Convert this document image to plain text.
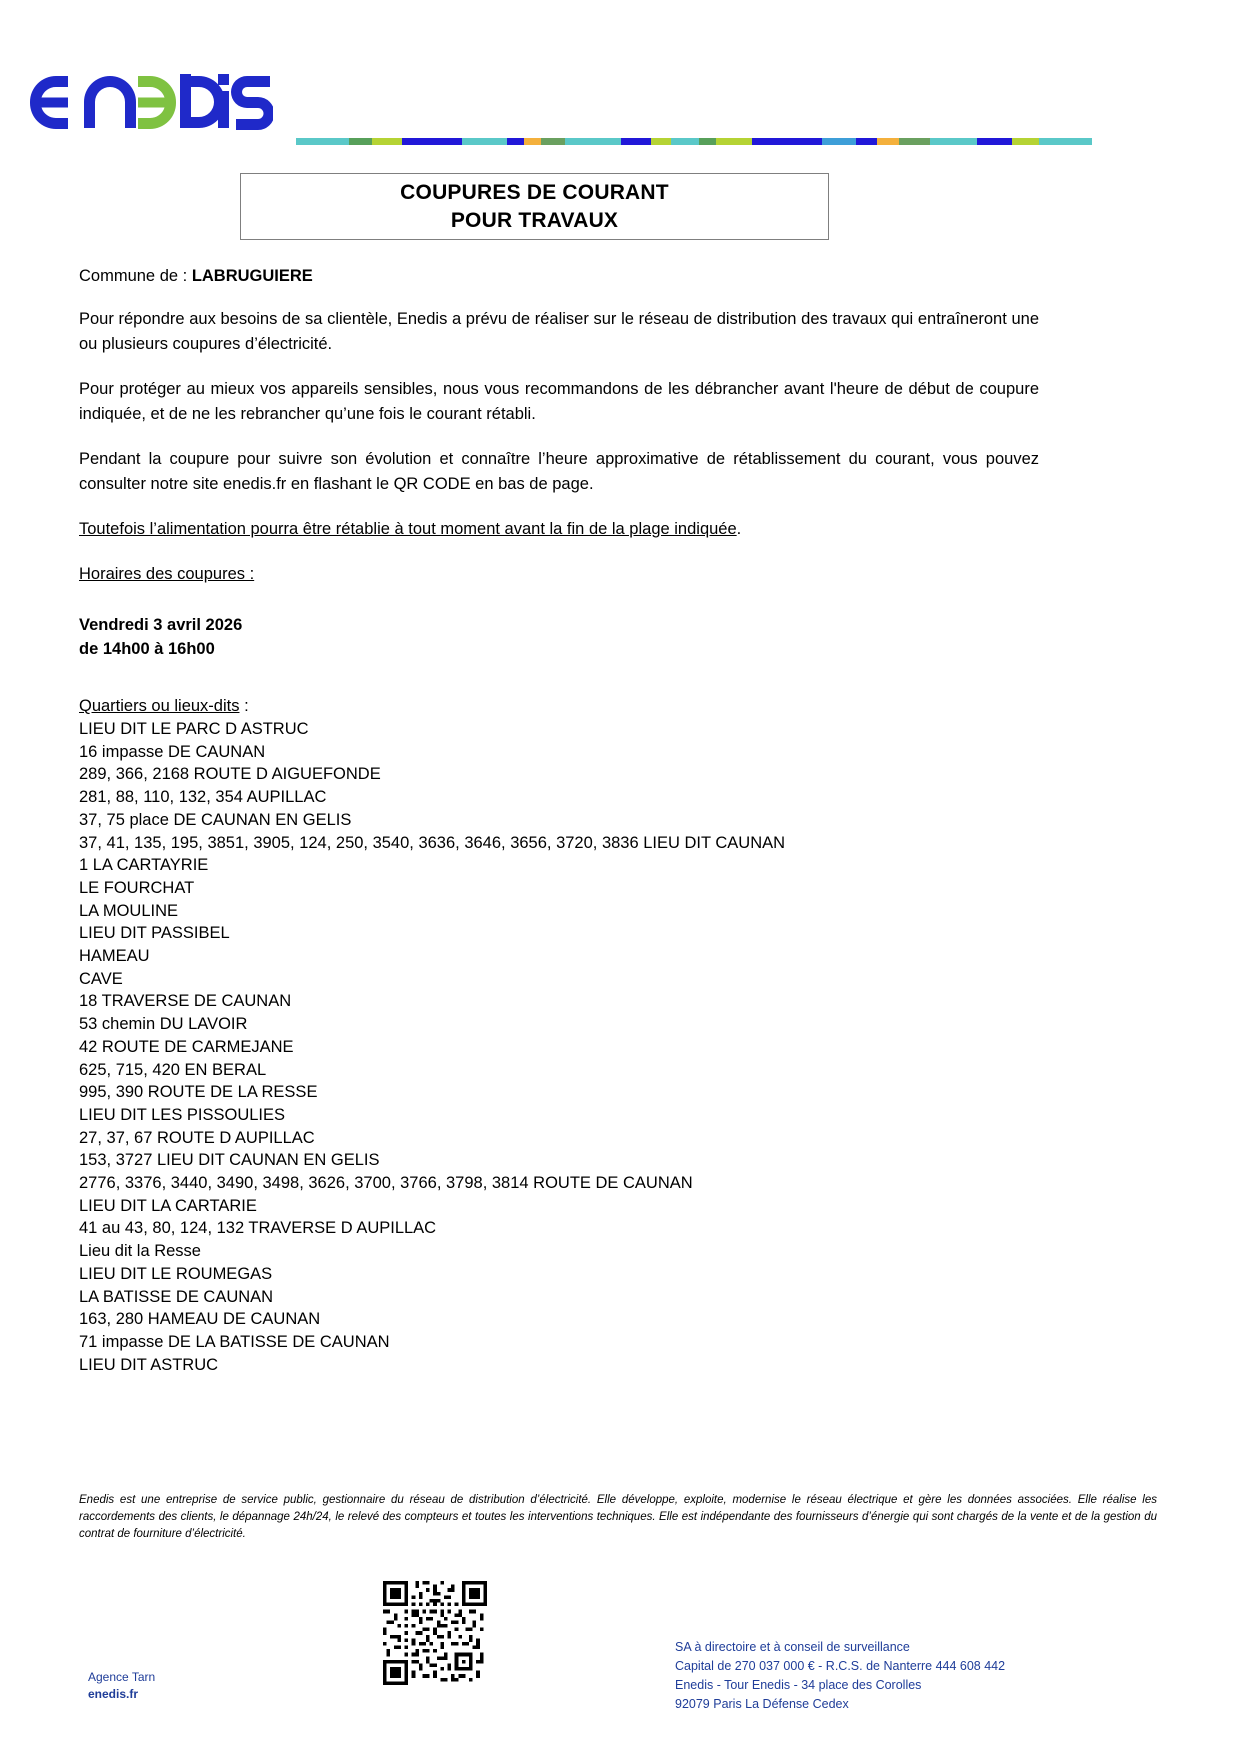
COUPURES DE COURANT
POUR TRAVAUX
Commune de : LABRUGUIERE

Pour répondre aux besoins de sa clientèle, Enedis a prévu de réaliser sur le réseau de distribution des travaux qui entraîneront une ou plusieurs coupures d’électricité.

Pour protéger au mieux vos appareils sensibles, nous vous recommandons de les débrancher avant l'heure de début de coupure indiquée, et de ne les rebrancher qu’une fois le courant rétabli.

Pendant la coupure pour suivre son évolution et connaître l’heure approximative de rétablissement du courant, vous pouvez consulter notre site enedis.fr en flashant le QR CODE en bas de page.

Toutefois l’alimentation pourra être rétablie à tout moment avant la fin de la plage indiquée.
Horaires des coupures :
Vendredi 3 avril 2026
de 14h00 à 16h00
Quartiers ou lieux-dits :
LIEU DIT LE PARC D ASTRUC
16 impasse DE CAUNAN
289, 366, 2168 ROUTE D AIGUEFONDE
281, 88, 110, 132, 354 AUPILLAC
37, 75 place DE CAUNAN EN GELIS
37, 41, 135, 195, 3851, 3905, 124, 250, 3540, 3636, 3646, 3656, 3720, 3836 LIEU DIT CAUNAN
1 LA CARTAYRIE
LE FOURCHAT
LA MOULINE
LIEU DIT PASSIBEL
HAMEAU
CAVE
18 TRAVERSE DE CAUNAN
53 chemin DU LAVOIR
42 ROUTE DE CARMEJANE
625, 715, 420 EN BERAL
995, 390 ROUTE DE LA RESSE
LIEU DIT LES PISSOULIES
27, 37, 67 ROUTE D AUPILLAC
153, 3727 LIEU DIT CAUNAN EN GELIS
2776, 3376, 3440, 3490, 3498, 3626, 3700, 3766, 3798, 3814 ROUTE DE CAUNAN
LIEU DIT LA CARTARIE
41 au 43, 80, 124, 132 TRAVERSE D AUPILLAC
Lieu dit la Resse
LIEU DIT LE ROUMEGAS
LA BATISSE DE CAUNAN
163, 280 HAMEAU DE CAUNAN
71 impasse DE LA BATISSE DE CAUNAN
LIEU DIT ASTRUC
Enedis est une entreprise de service public, gestionnaire du réseau de distribution d’électricité. Elle développe, exploite, modernise le réseau électrique et gère les données associées. Elle réalise les raccordements des clients, le dépannage 24h/24, le relevé des compteurs et toutes les interventions techniques. Elle est indépendante des fournisseurs d’énergie qui sont chargés de la vente et de la gestion du contrat de fourniture d’électricité.
Agence Tarn
enedis.fr
SA à directoire et à conseil de surveillance
Capital de 270 037 000 € - R.C.S. de Nanterre 444 608 442
Enedis - Tour Enedis - 34 place des Corolles
92079 Paris La Défense Cedex
